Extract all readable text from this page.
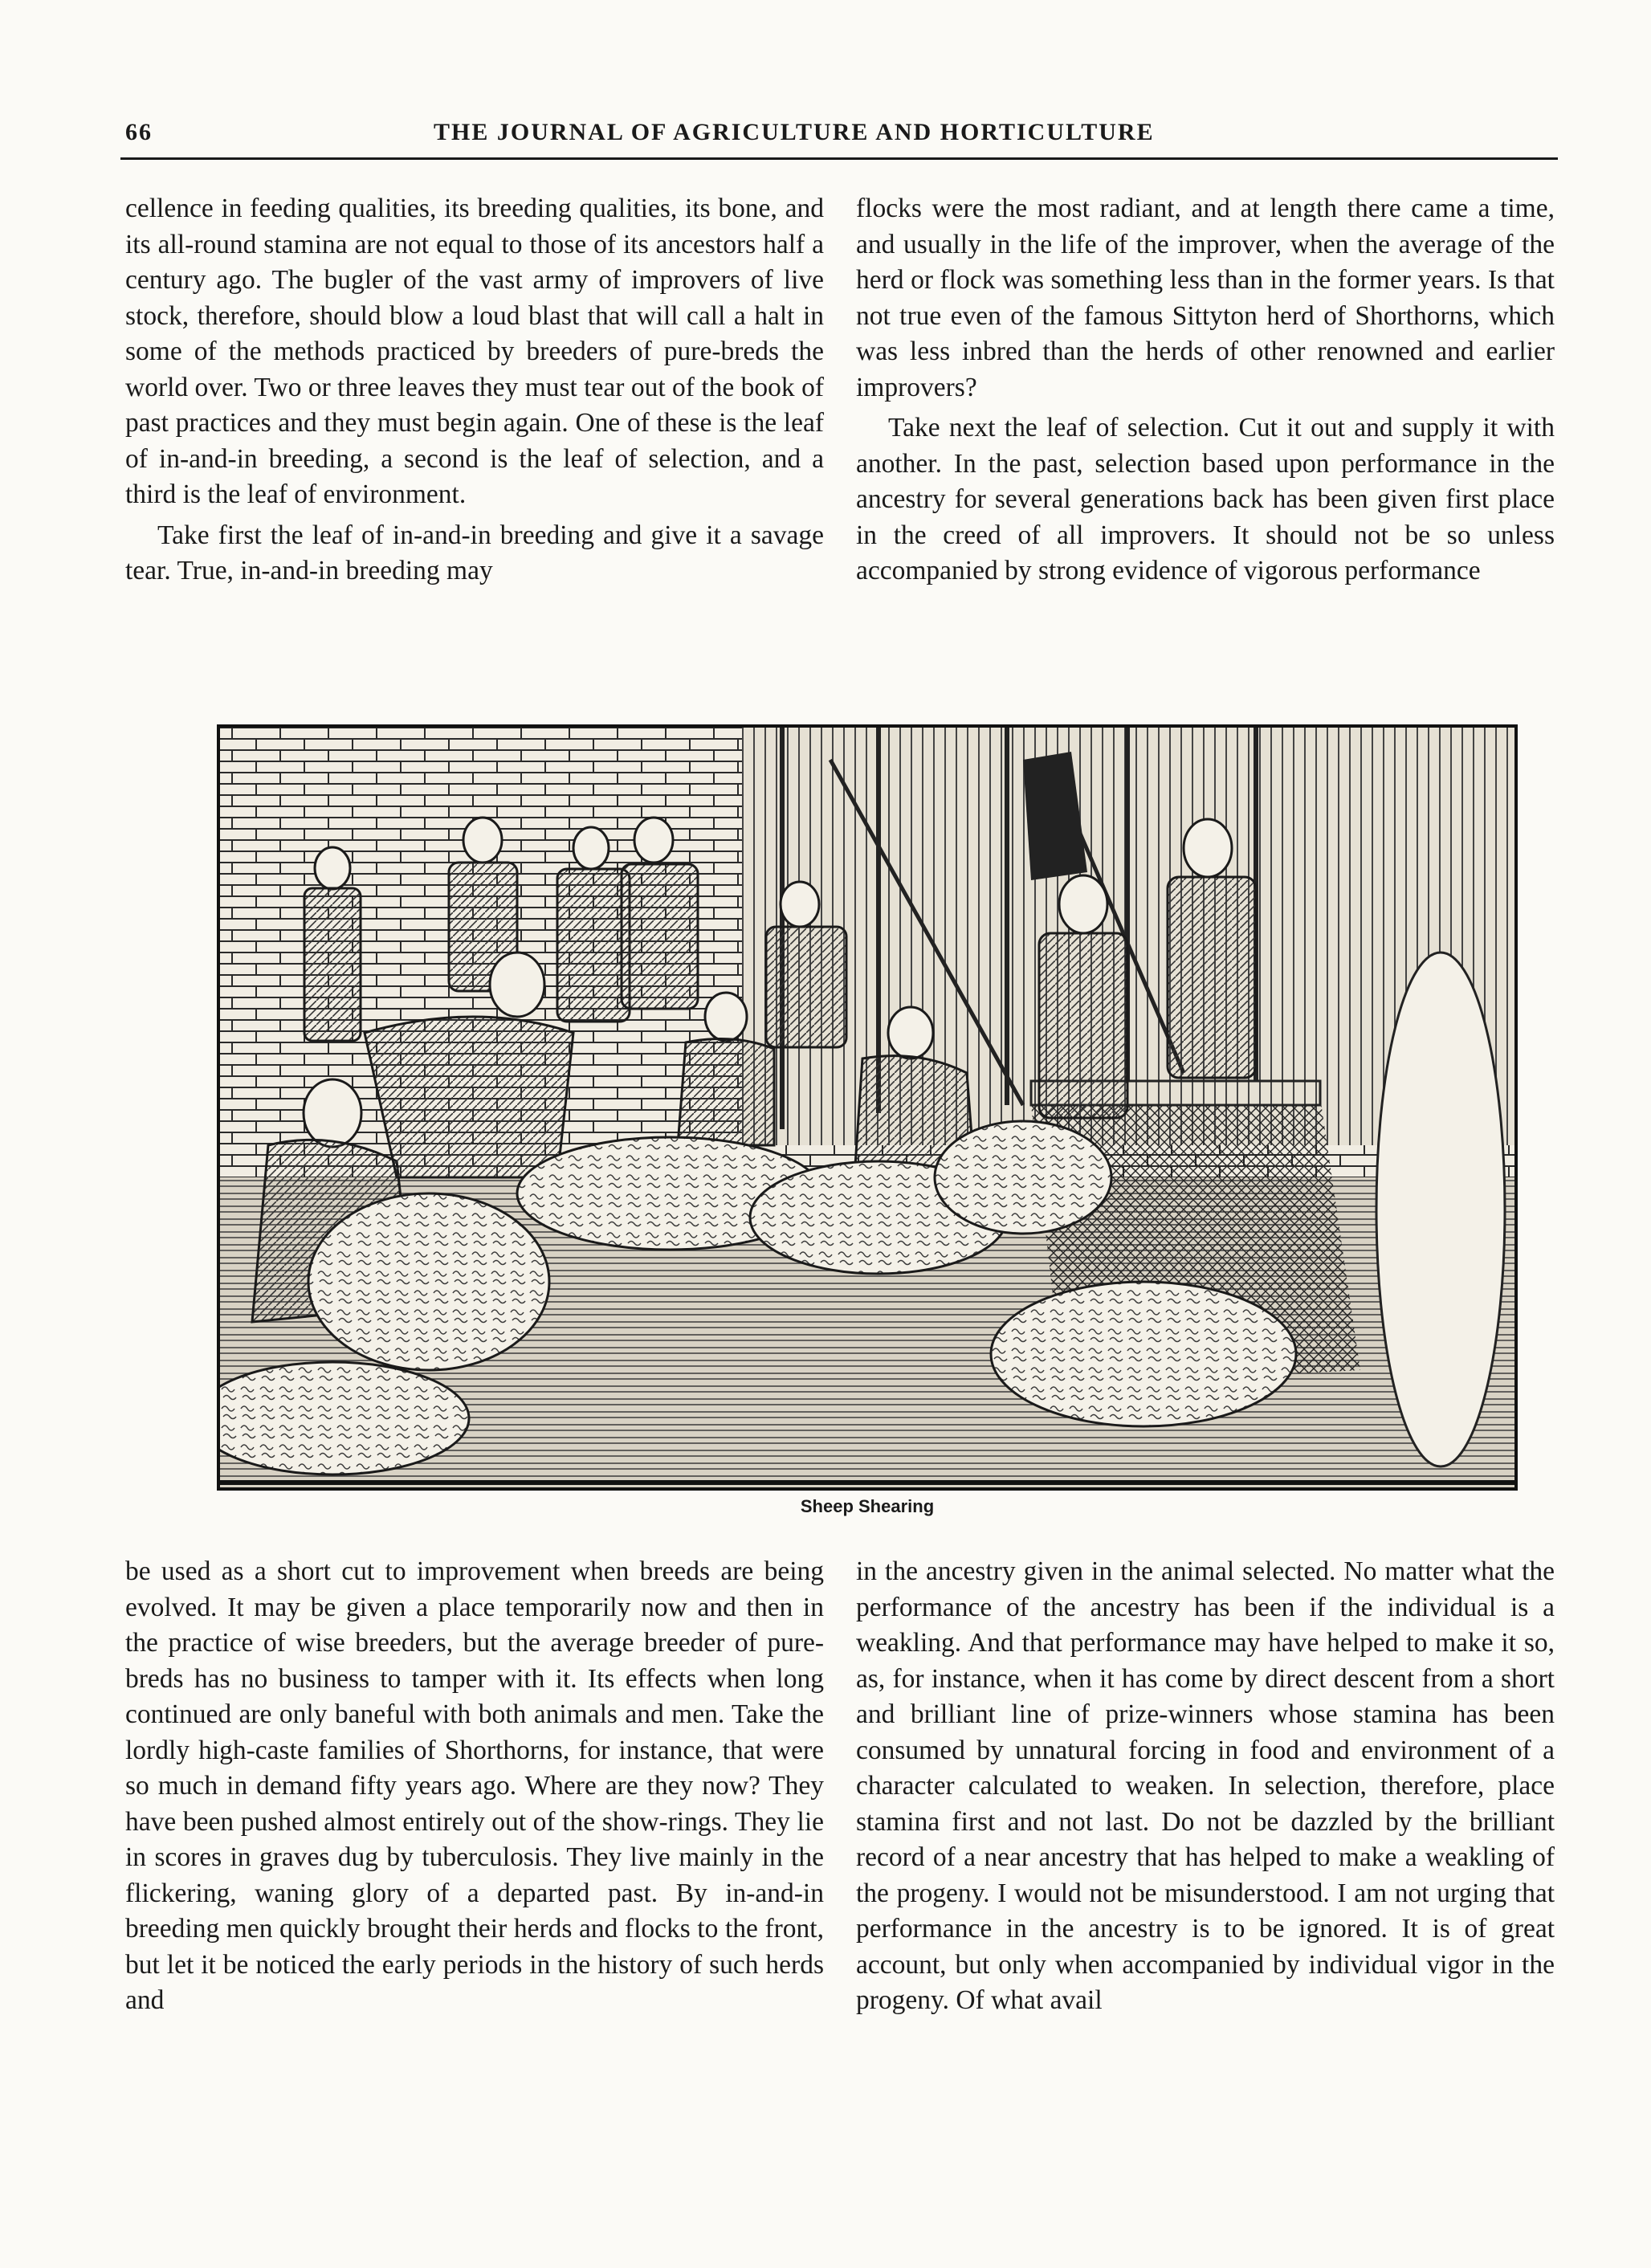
66	THE JOURNAL OF AGRICULTURE AND HORTICULTURE

cellence in feeding qualities, its breeding qualities, its bone, and its all-round stamina are not equal to those of its ancestors half a century ago. The bugler of the vast army of improvers of live stock, therefore, should blow a loud blast that will call a halt in some of the methods practiced by breeders of pure-breds the world over. Two or three leaves they must tear out of the book of past practices and they must begin again. One of these is the leaf of in-and-in breeding, a second is the leaf of selection, and a third is the leaf of environment.

Take first the leaf of in-and-in breeding and give it a savage tear. True, in-and-in breeding may

flocks were the most radiant, and at length there came a time, and usually in the life of the improver, when the average of the herd or flock was something less than in the former years. Is that not true even of the famous Sittyton herd of Shorthorns, which was less inbred than the herds of other renowned and earlier improvers?

Take next the leaf of selection. Cut it out and supply it with another. In the past, selection based upon performance in the ancestry for several generations back has been given first place in the creed of all improvers. It should not be so unless accompanied by strong evidence of vigorous performance

Sheep Shearing

be used as a short cut to improvement when breeds are being evolved. It may be given a place temporarily now and then in the practice of wise breeders, but the average breeder of pure-breds has no business to tamper with it. Its effects when long continued are only baneful with both animals and men. Take the lordly high-caste families of Shorthorns, for instance, that were so much in demand fifty years ago. Where are they now? They have been pushed almost entirely out of the show-rings. They lie in scores in graves dug by tuberculosis. They live mainly in the flickering, waning glory of a departed past. By in-and-in breeding men quickly brought their herds and flocks to the front, but let it be noticed the early periods in the history of such herds and

in the ancestry given in the animal selected. No matter what the performance of the ancestry has been if the individual is a weakling. And that performance may have helped to make it so, as, for instance, when it has come by direct descent from a short and brilliant line of prize-winners whose stamina has been consumed by unnatural forcing in food and environment of a character calculated to weaken. In selection, therefore, place stamina first and not last. Do not be dazzled by the brilliant record of a near ancestry that has helped to make a weakling of the progeny. I would not be misunderstood. I am not urging that performance in the ancestry is to be ignored. It is of great account, but only when accompanied by individual vigor in the progeny. Of what avail
